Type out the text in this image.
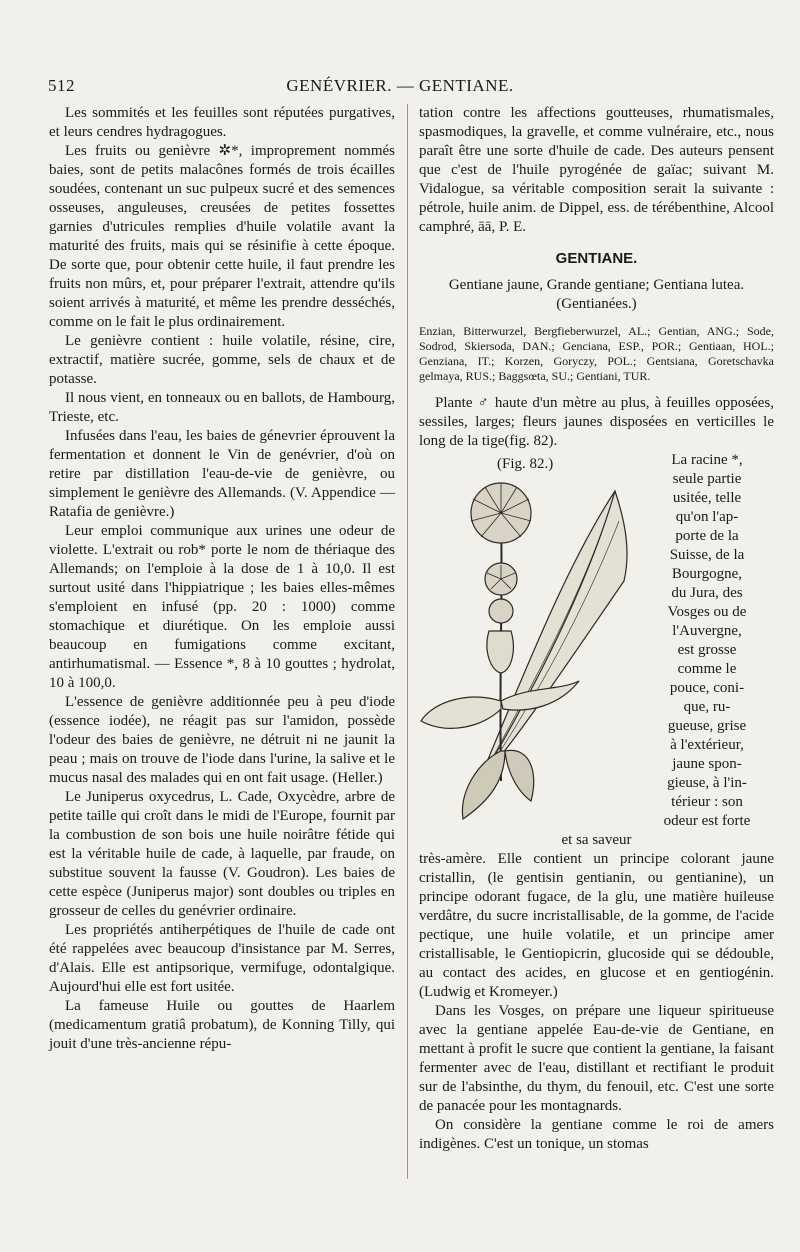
512	GENÉVRIER. — GENTIANE.

Les sommités et les feuilles sont réputées purgatives, et leurs cendres hydragogues.

Les fruits ou genièvre ✲*, improprement nommés baies, sont de petits malacônes formés de trois écailles soudées, contenant un suc pulpeux sucré et des semences osseuses, anguleuses, creusées de petites fossettes garnies d'utricules remplies d'huile volatile avant la maturité des fruits, mais qui se résinifie à cette époque. De sorte que, pour obtenir cette huile, il faut prendre les fruits non mûrs, et, pour préparer l'extrait, attendre qu'ils soient arrivés à maturité, et même les prendre desséchés, comme on le fait le plus ordinairement.

Le genièvre contient : huile volatile, résine, cire, extractif, matière sucrée, gomme, sels de chaux et de potasse.

Il nous vient, en tonneaux ou en ballots, de Hambourg, Trieste, etc.

Infusées dans l'eau, les baies de génevrier éprouvent la fermentation et donnent le Vin de genévrier, d'où on retire par distillation l'eau-de-vie de genièvre, ou simplement le genièvre des Allemands. (V. Appendice — Ratafia de genièvre.)

Leur emploi communique aux urines une odeur de violette. L'extrait ou rob* porte le nom de thériaque des Allemands; on l'emploie à la dose de 1 à 10,0. Il est surtout usité dans l'hippiatrique ; les baies elles-mêmes s'emploient en infusé (pp. 20 : 1000) comme stomachique et diurétique. On les emploie aussi beaucoup en fumigations comme excitant, antirhumatismal. — Essence *, 8 à 10 gouttes ; hydrolat, 10 à 100,0.

L'essence de genièvre additionnée peu à peu d'iode (essence iodée), ne réagit pas sur l'amidon, possède l'odeur des baies de genièvre, ne détruit ni ne jaunit la peau ; mais on trouve de l'iode dans l'urine, la salive et le mucus nasal des malades qui en ont fait usage. (Heller.)

Le Juniperus oxycedrus, L. Cade, Oxycèdre, arbre de petite taille qui croît dans le midi de l'Europe, fournit par la combustion de son bois une huile noirâtre fétide qui est la véritable huile de cade, à laquelle, par fraude, on substitue souvent la fausse (V. Goudron). Les baies de cette espèce (Juniperus major) sont doubles ou triples en grosseur de celles du genévrier ordinaire.

Les propriétés antiherpétiques de l'huile de cade ont été rappelées avec beaucoup d'insistance par M. Serres, d'Alais. Elle est antipsorique, vermifuge, odontalgique. Aujourd'hui elle est fort usitée.

La fameuse Huile ou gouttes de Haarlem (medicamentum gratiâ probatum), de Konning Tilly, qui jouit d'une très-ancienne répu-

tation contre les affections goutteuses, rhumatismales, spasmodiques, la gravelle, et comme vulnéraire, etc., nous paraît être une sorte d'huile de cade. Des auteurs pensent que c'est de l'huile pyrogénée de gaïac; suivant M. Vidalogue, sa véritable composition serait la suivante : pétrole, huile anim. de Dippel, ess. de térébenthine, Alcool camphré, āā, P. E.

GENTIANE.

Gentiane jaune, Grande gentiane; Gentiana lutea. (Gentianées.)

Enzian, Bitterwurzel, Bergfieberwurzel, AL.; Gentian, ANG.; Sode, Sodrod, Skiersoda, DAN.; Genciana, ESP., POR.; Gentiaan, HOL.; Genziana, IT.; Korzen, Goryczy, POL.; Gentsiana, Goretschavka gelmaya, RUS.; Baggsœta, SU.; Gentiani, TUR.

Plante ♂ haute d'un mètre au plus, à feuilles opposées, sessiles, larges; fleurs jaunes disposées en verticilles le long de la tige(fig. 82).

(Fig. 82.)	La racine *,

seule partie

usitée, telle

qu'on l'ap-

porte de la

Suisse, de la

Bourgogne,

du Jura, des

Vosges ou de

l'Auvergne,

est grosse

comme le

pouce, coni-

que, ru-

gueuse, grise

à l'extérieur,

jaune spon-

gieuse, à l'in-

térieur : son

odeur est forte

et sa saveur

très-amère. Elle contient un principe colorant jaune cristallin, (le gentisin gentianin, ou gentianine), un principe odorant fugace, de la glu, une matière huileuse verdâtre, du sucre incristallisable, de la gomme, de l'acide pectique, une huile volatile, et un principe amer cristallisable, le Gentiopicrin, glucoside qui se dédouble, au contact des acides, en glucose et en gentiogénin. (Ludwig et Kromeyer.)

Dans les Vosges, on prépare une liqueur spiritueuse avec la gentiane appelée Eau-de-vie de Gentiane, en mettant à profit le sucre que contient la gentiane, la faisant fermenter avec de l'eau, distillant et rectifiant le produit sur de l'absinthe, du thym, du fenouil, etc. C'est une sorte de panacée pour les montagnards.

On considère la gentiane comme le roi de amers indigènes. C'est un tonique, un stomas
